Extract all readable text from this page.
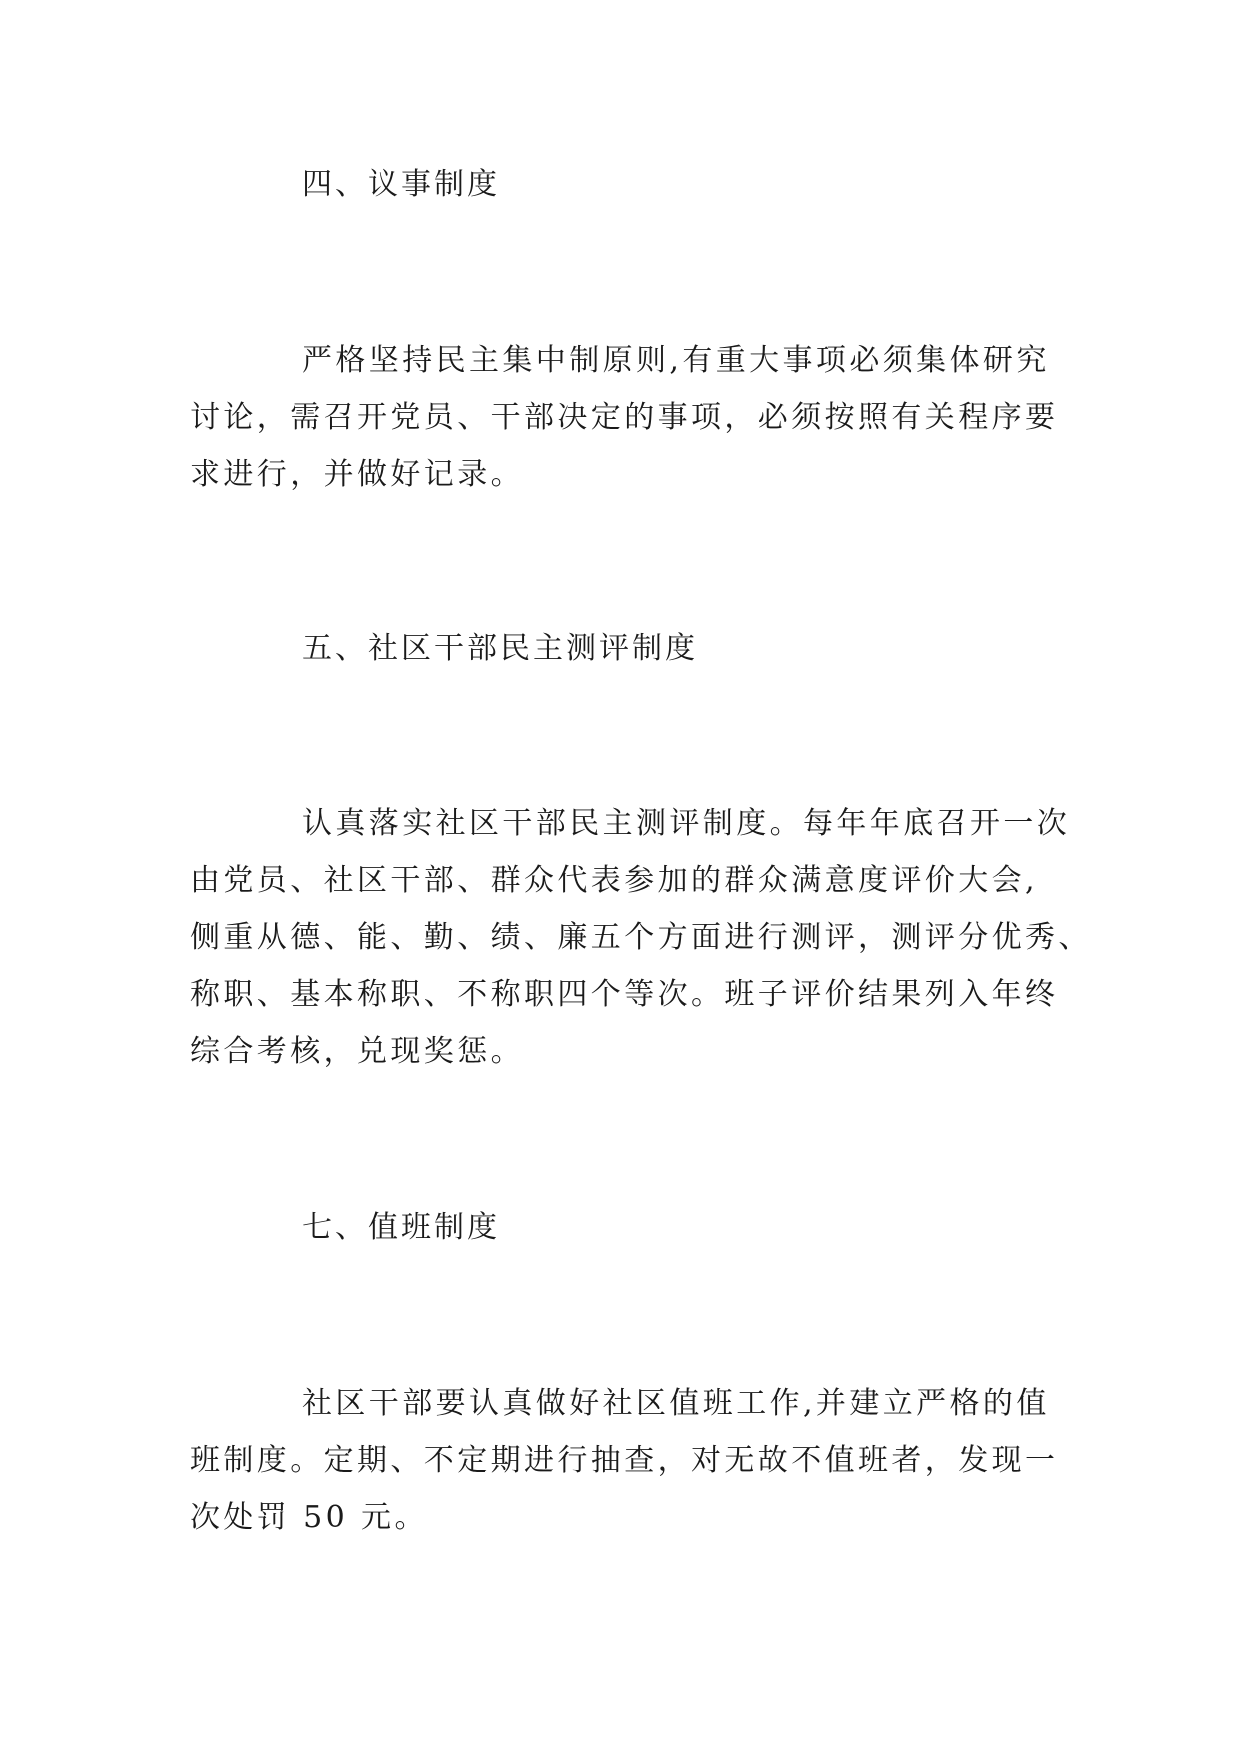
四、议事制度

严格坚持民主集中制原则,有重大事项必须集体研究
讨论，需召开党员、干部决定的事项，必须按照有关程序要
求进行，并做好记录。

五、社区干部民主测评制度

认真落实社区干部民主测评制度。每年年底召开一次
由党员、社区干部、群众代表参加的群众满意度评价大会,
侧重从德、能、勤、绩、廉五个方面进行测评，测评分优秀、
称职、基本称职、不称职四个等次。班子评价结果列入年终
综合考核，兑现奖惩。

七、值班制度

社区干部要认真做好社区值班工作,并建立严格的值
班制度。定期、不定期进行抽查，对无故不值班者，发现一
次处罚 50 元。
